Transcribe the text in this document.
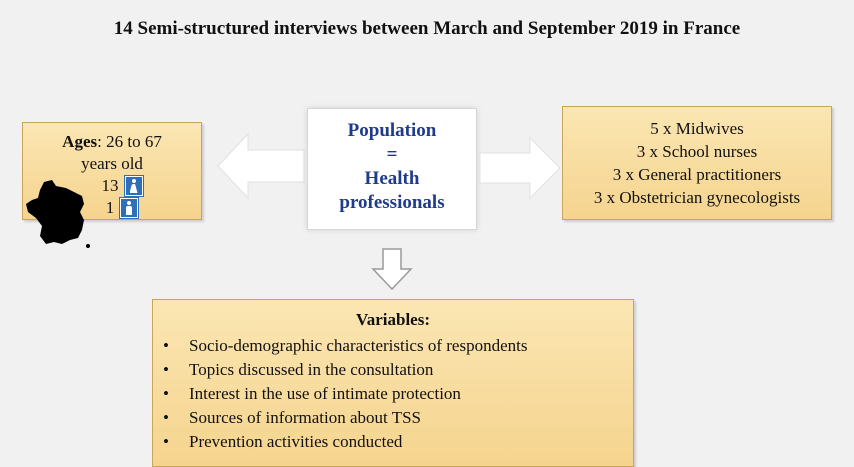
14 Semi-structured interviews between March and September 2019 in France
Ages: 26 to 67
years old
13
1
Population
=
Health
professionals
5 x Midwives
3 x School nurses
3 x General practitioners
3 x Obstetrician gynecologists
Variables:
• Socio-demographic characteristics of respondents
• Topics discussed in the consultation
• Interest in the use of intimate protection
• Sources of information about TSS
• Prevention activities conducted
